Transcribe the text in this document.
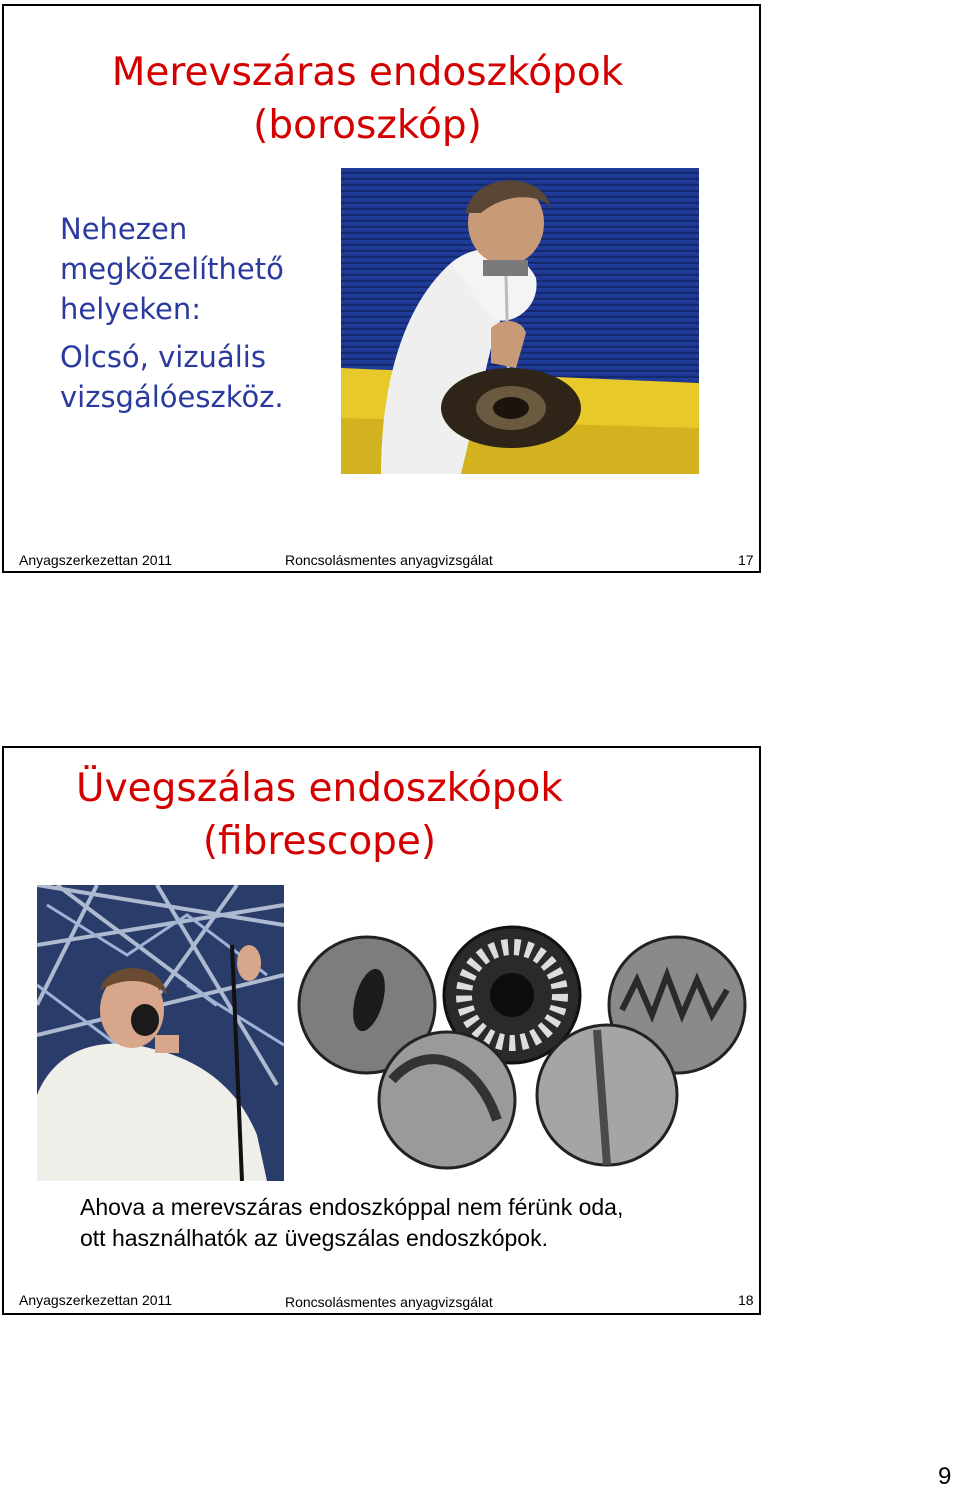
Merevszáras endoszkópok
(boroszkóp)

Nehezen
megközelíthető
helyeken:

Olcsó, vizuális
vizsgálóeszköz.

Anyagszerkezettan 2011	Roncsolásmentes anyagvizsgálat	17
Üvegszálas endoszkópok
(fibrescope)
Ahova a merevszáras endoszkóppal nem férünk oda,
ott használhatók az üvegszálas endoszkópok.
Anyagszerkezettan 2011	Roncsolásmentes anyagvizsgálat	18
9
